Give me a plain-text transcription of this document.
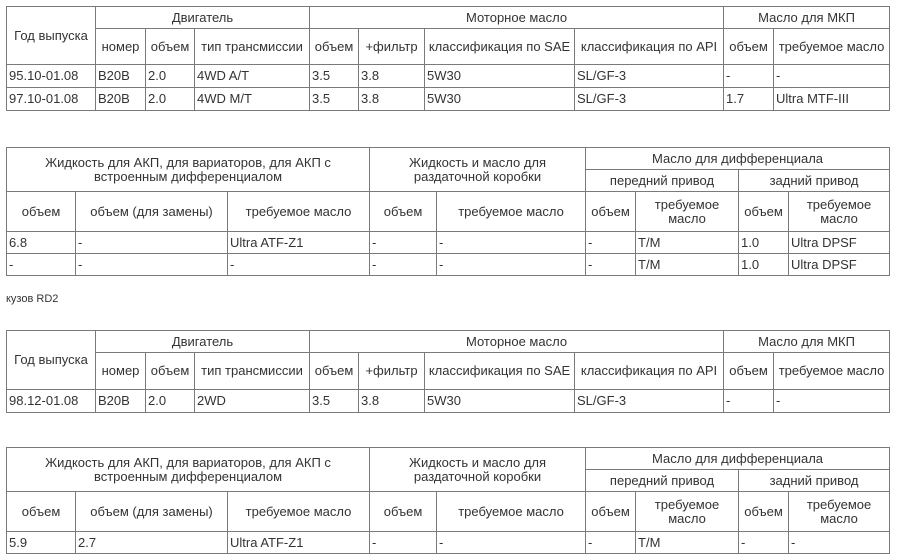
Год выпуска	Двигатель			Моторное масло				Масло для МКП	
	номер	объем	тип трансмиссии	объем	+фильтр	классификация по SAE	классификация по API	объем	требуемое масло
95.10-01.08	B20B	2.0	4WD A/T	3.5	3.8	5W30	SL/GF-3	-	-
97.10-01.08	B20B	2.0	4WD M/T	3.5	3.8	5W30	SL/GF-3	1.7	Ultra MTF-III
Жидкость для АКП, для вариаторов, для АКП с встроенным дифференциалом			Жидкость и масло для раздаточной коробки		Масло для дифференциала			
					передний привод		задний привод	
объем	объем (для замены)	требуемое масло	объем	требуемое масло	объем	требуемое масло	объем	требуемое масло
6.8	-	Ultra ATF-Z1	-	-	-	T/M	1.0	Ultra DPSF
-	-	-	-	-	-	T/M	1.0	Ultra DPSF
кузов RD2
Год выпуска	Двигатель			Моторное масло				Масло для МКП	
	номер	объем	тип трансмиссии	объем	+фильтр	классификация по SAE	классификация по API	объем	требуемое масло
98.12-01.08	B20B	2.0	2WD	3.5	3.8	5W30	SL/GF-3	-	-
Жидкость для АКП, для вариаторов, для АКП с встроенным дифференциалом			Жидкость и масло для раздаточной коробки		Масло для дифференциала			
					передний привод		задний привод	
объем	объем (для замены)	требуемое масло	объем	требуемое масло	объем	требуемое масло	объем	требуемое масло
5.9	2.7	Ultra ATF-Z1	-	-	-	T/M	-	-
